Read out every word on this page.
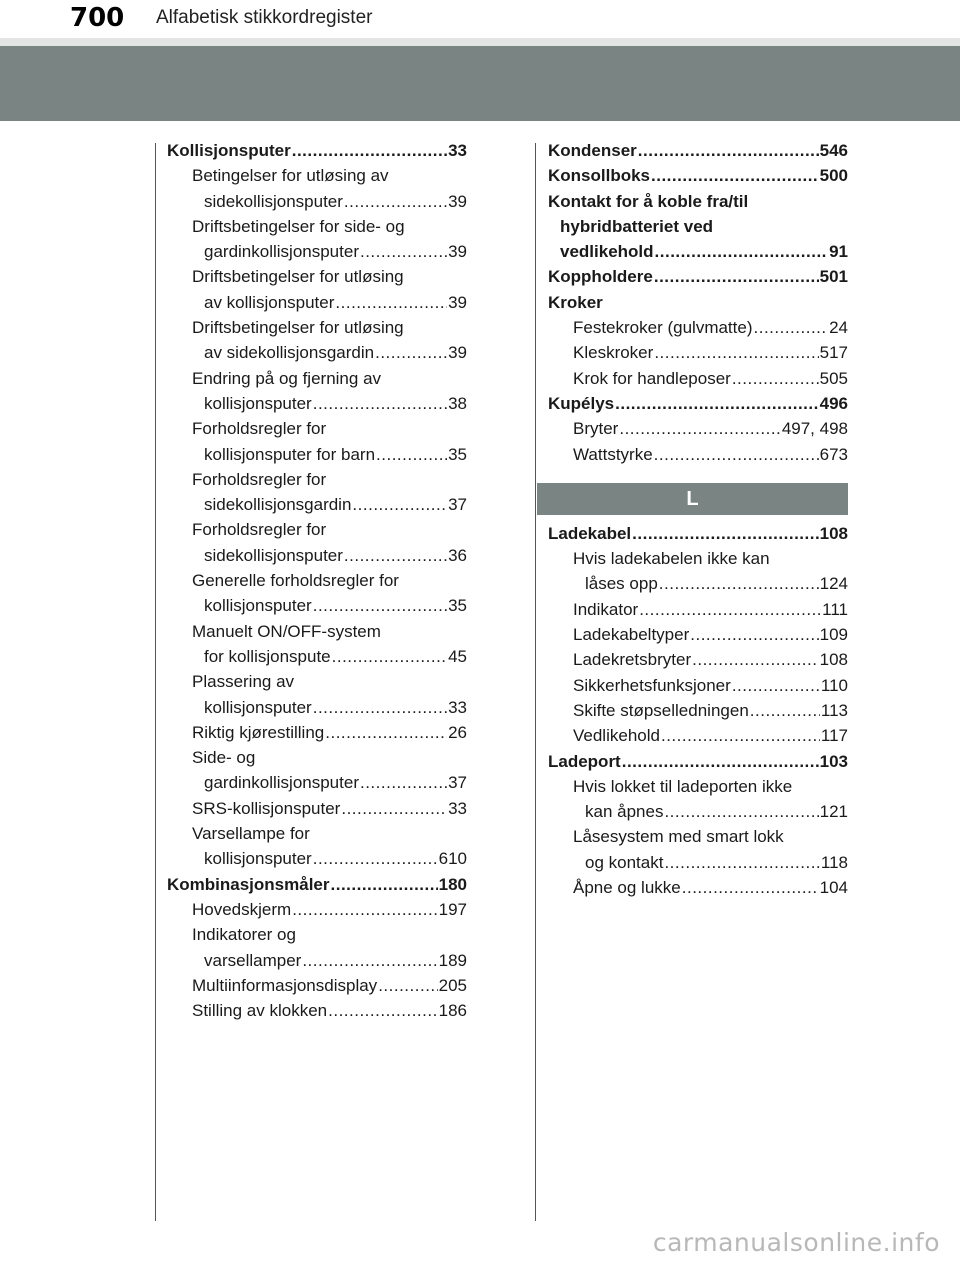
700 Alfabetisk stikkordregister
Kollisjonsputer .....	33
Betingelser for utløsing av
sidekollisjonsputer .....	39
Driftsbetingelser for side- og
gardinkollisjonsputer .....	39
Driftsbetingelser for utløsing
av kollisjonsputer .....	39
Driftsbetingelser for utløsing
av sidekollisjonsgardin .....	39
Endring på og fjerning av
kollisjonsputer .....	38
Forholdsregler for
kollisjonsputer for barn .....	35
Forholdsregler for
sidekollisjonsgardin .....	37
Forholdsregler for
sidekollisjonsputer .....	36
Generelle forholdsregler for
kollisjonsputer .....	35
Manuelt ON/OFF-system
for kollisjonspute .....	45
Plassering av
kollisjonsputer .....	33
Riktig kjørestilling .....	26
Side- og
gardinkollisjonsputer .....	37
SRS-kollisjonsputer .....	33
Varsellampe for
kollisjonsputer .....	610
Kombinasjonsmåler .....	180
Hovedskjerm .....	197
Indikatorer og
varsellamper .....	189
Multiinformasjonsdisplay .....	205
Stilling av klokken .....	186
Kondenser .....	546
Konsollboks .....	500
Kontakt for å koble fra/til
hybridbatteriet ved
vedlikehold .....	91
Koppholdere .....	501
Kroker
Festekroker (gulvmatte) .....	24
Kleskroker .....	517
Krok for handleposer .....	505
Kupélys .....	496
Bryter .....	497, 498
Wattstyrke .....	673
L
Ladekabel .....	108
Hvis ladekabelen ikke kan
låses opp .....	124
Indikator .....	111
Ladekabeltyper .....	109
Ladekretsbryter .....	108
Sikkerhetsfunksjoner .....	110
Skifte støpselledningen .....	113
Vedlikehold .....	117
Ladeport .....	103
Hvis lokket til ladeporten ikke
kan åpnes .....	121
Låsesystem med smart lokk
og kontakt .....	118
Åpne og lukke .....	104
carmanualsonline.info
